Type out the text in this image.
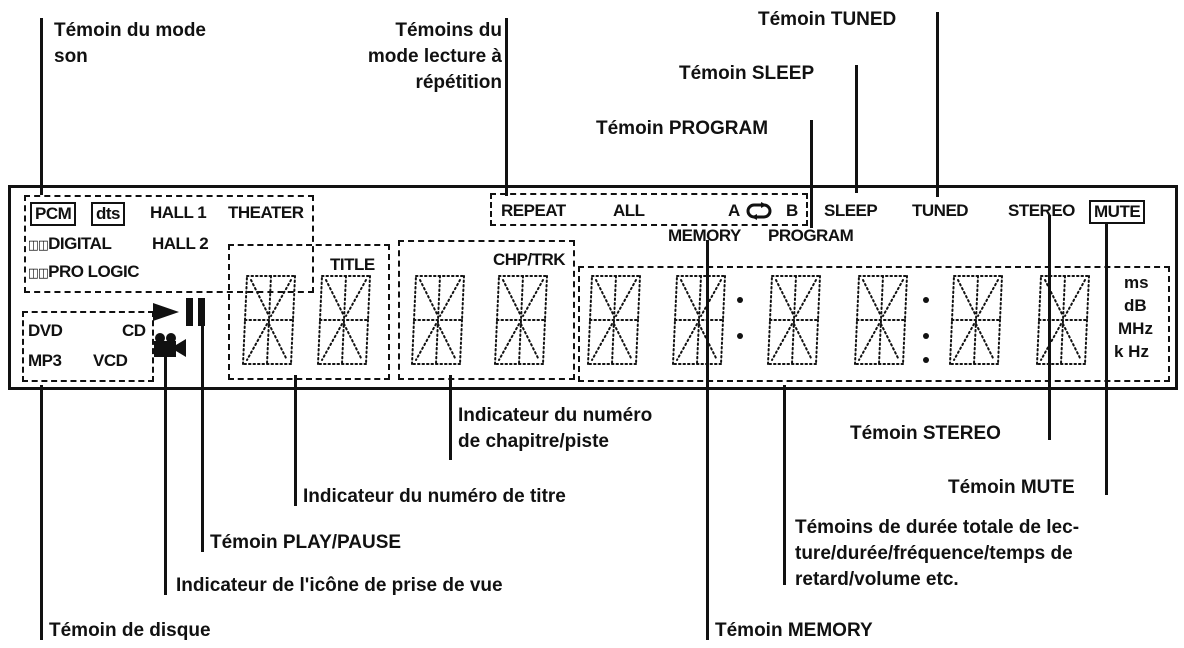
Témoin du mode
son
Témoins du
mode lecture à
répétition
Témoin TUNED
Témoin SLEEP
Témoin PROGRAM
Indicateur du numéro
de chapitre/piste	Témoin STEREO
Témoin MUTE
Indicateur du numéro de titre
Témoin PLAY/PAUSE
Témoins de durée totale de lec-
ture/durée/fréquence/temps de
retard/volume etc.
Indicateur de l'icône de prise de vue
Témoin de disque	Témoin MEMORY
PCM dts HALL 1 THEATER
◫◫DIGITAL HALL 2
◫◫PRO LOGIC
REPEAT	ALL	A	B
MEMORY PROGRAM
SLEEP TUNED STEREO MUTE
TITLE	CHP/TRK
DVD	CD
MP3 VCD
ms
dB
MHz
k Hz
